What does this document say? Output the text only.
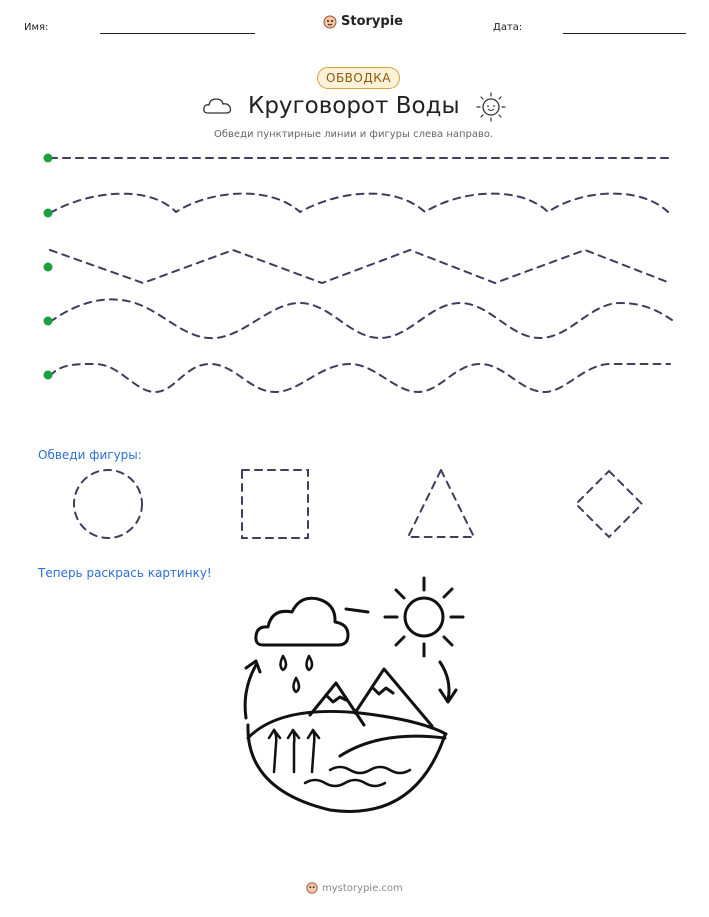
Имя:	Storypie	Дата:
ОБВОДКА
Круговорот Воды
Обведи пунктирные линии и фигуры слева направо.
Обведи фигуры:
Теперь раскрась картинку!
mystorypie.com
